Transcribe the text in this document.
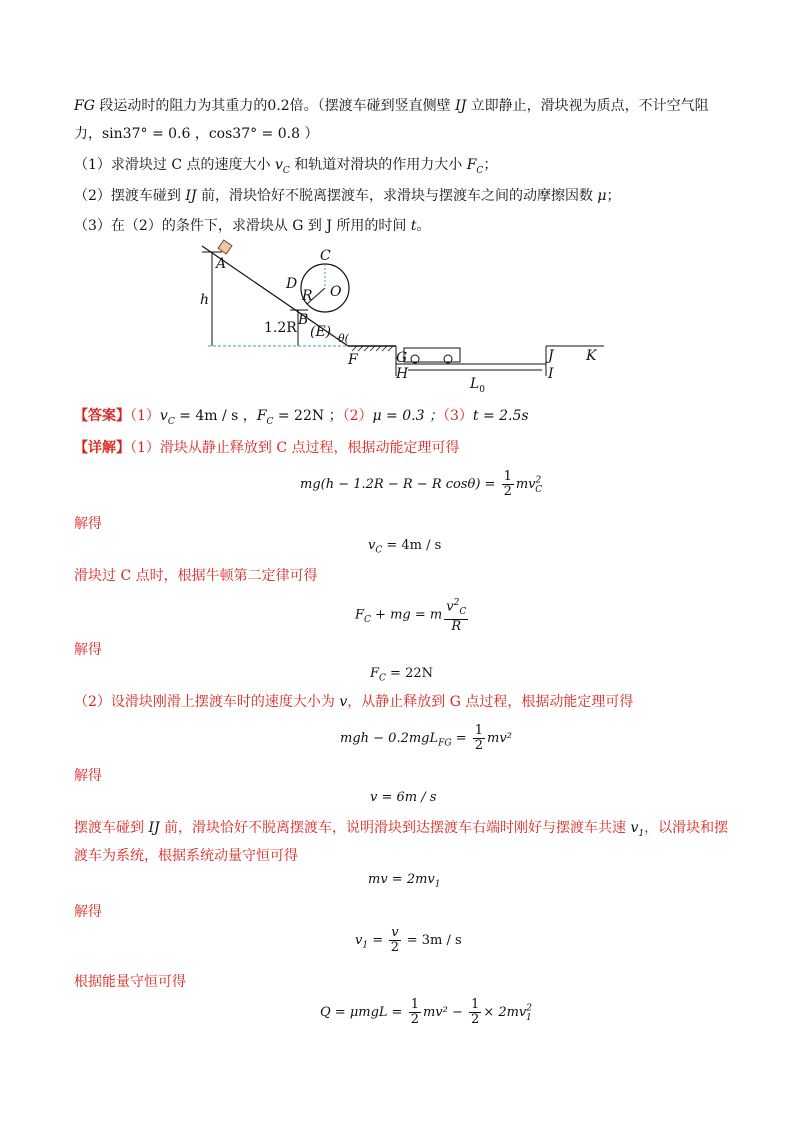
FG 段运动时的阻力为其重力的0.2倍。（摆渡车碰到竖直侧壁 IJ 立即静止，滑块视为质点，不计空气阻
力，sin37° = 0.6 ，cos37° = 0.8 ）
（1）求滑块过 C 点的速度大小 $v_C$ 和轨道对滑块的作用力大小 $F_C$；
（2）摆渡车碰到 IJ 前，滑块恰好不脱离摆渡车，求滑块与摆渡车之间的动摩擦因数 μ；
（3）在（2）的条件下，求滑块从 G 到 J 所用的时间 t。
A	C
D
R O
h
1.2R B
(E) θ(
F	G
H
J
I
K
$L_0$
【答案】$(1)v_C = 4m / s$ ，$F_C = 22N$ ；（2）μ = 0.3 ；（3）t = 2.5s
【详解】（1）滑块从静止释放到 C 点过程，根据动能定理可得
mg(h − 1.2R − R − R $\cos\theta) = \frac{1}{2} mv^2_C$
解得
$v_C = 4m / s$
滑块过 C 点时，根据牛顿第二定律可得
$F_C$ + mg = m $\frac{v^2_C}{R}$
解得
$F_C = 22N$
（2）设滑块刚滑上摆渡车时的速度大小为 v，从静止释放到 G 点过程，根据动能定理可得
mgh − $0.2mgL_{FG} = \frac{1}{2} mv^2$
解得
v = 6m / s
摆渡车碰到 IJ 前，滑块恰好不脱离摆渡车，说明滑块到达摆渡车右端时刚好与摆渡车共速 $v_1$，以滑块和摆
渡车为系统，根据系统动量守恒可得
mv = $2mv_1$
解得
$v_1 = \frac{v}{2} = 3m / s$
根据能量守恒可得
$Q = \mu mgL = \frac{1}{2} mv^2 - \frac{1}{2} \times 2mv^2_1$
